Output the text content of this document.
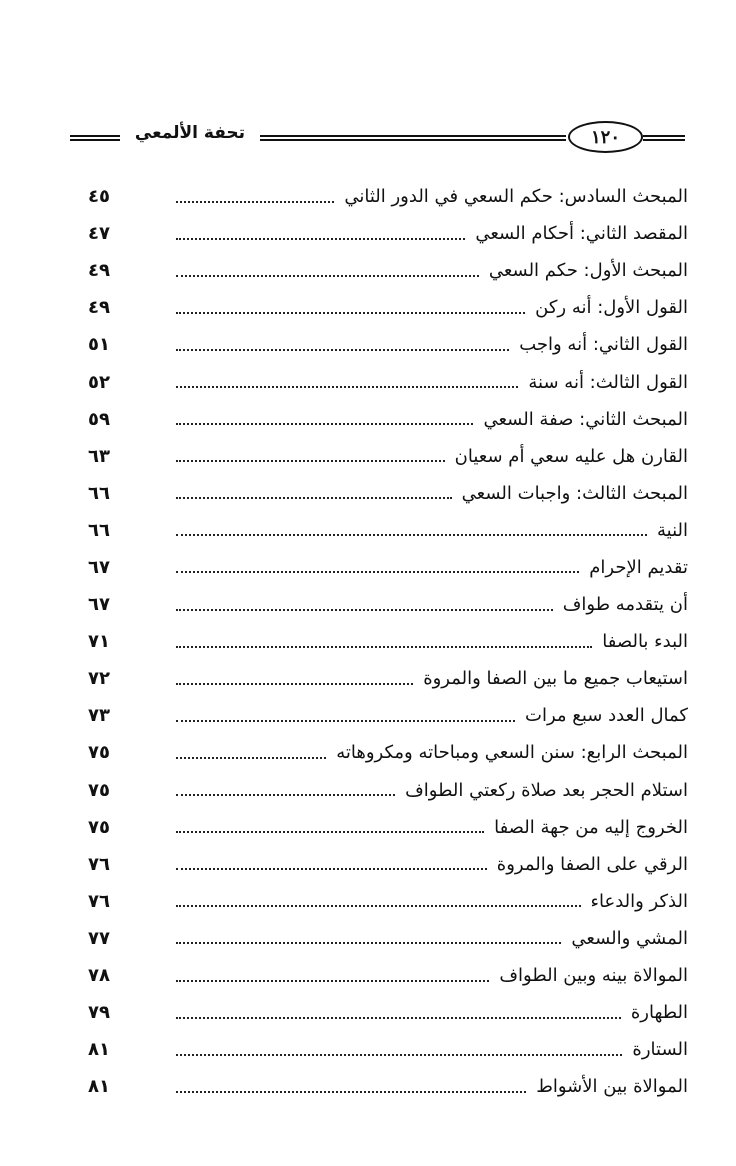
تحفة الألمعي	١٢٠
المبحث السادس: حكم السعي في الدور الثاني
٤٥
المقصد الثاني: أحكام السعي
٤٧
المبحث الأول: حكم السعي
٤٩
القول الأول: أنه ركن
٤٩
القول الثاني: أنه واجب
٥١
القول الثالث: أنه سنة
٥٢
المبحث الثاني: صفة السعي
٥٩
القارن هل عليه سعي أم سعيان
٦٣
المبحث الثالث: واجبات السعي
٦٦
النية
٦٦
تقديم الإحرام
٦٧
أن يتقدمه طواف
٦٧
البدء بالصفا
٧١
استيعاب جميع ما بين الصفا والمروة
٧٢
كمال العدد سبع مرات
٧٣
المبحث الرابع: سنن السعي ومباحاته ومكروهاته
٧٥
استلام الحجر بعد صلاة ركعتي الطواف
٧٥
الخروج إليه من جهة الصفا
٧٥
الرقي على الصفا والمروة
٧٦
الذكر والدعاء
٧٦
المشي والسعي
٧٧
الموالاة بينه وبين الطواف
٧٨
الطهارة
٧٩
الستارة
٨١
الموالاة بين الأشواط
٨١
